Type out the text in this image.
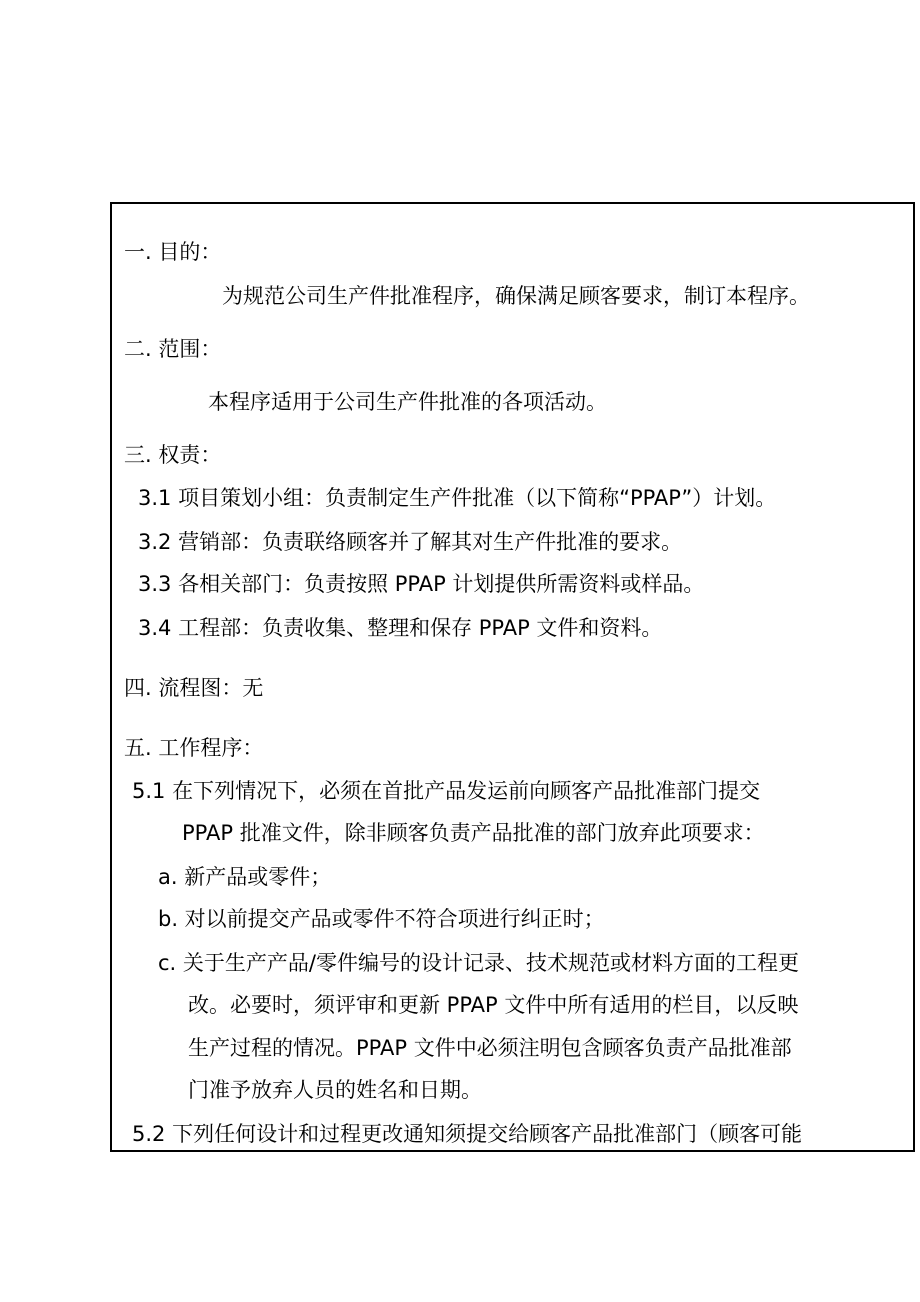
一. 目的：
为规范公司生产件批准程序，确保满足顾客要求，制订本程序。
二. 范围：
本程序适用于公司生产件批准的各项活动。
三. 权责：
3.1 项目策划小组：负责制定生产件批准（以下简称“PPAP”）计划。
3.2 营销部：负责联络顾客并了解其对生产件批准的要求。
3.3 各相关部门：负责按照 PPAP 计划提供所需资料或样品。
3.4 工程部：负责收集、整理和保存 PPAP 文件和资料。
四. 流程图：无
五. 工作程序：
5.1 在下列情况下，必须在首批产品发运前向顾客产品批准部门提交
PPAP 批准文件，除非顾客负责产品批准的部门放弃此项要求：
a. 新产品或零件；
b. 对以前提交产品或零件不符合项进行纠正时；
c. 关于生产产品/零件编号的设计记录、技术规范或材料方面的工程更
改。必要时，须评审和更新 PPAP 文件中所有适用的栏目，以反映
生产过程的情况。PPAP 文件中必须注明包含顾客负责产品批准部
门准予放弃人员的姓名和日期。
5.2 下列任何设计和过程更改通知须提交给顾客产品批准部门（顾客可能
